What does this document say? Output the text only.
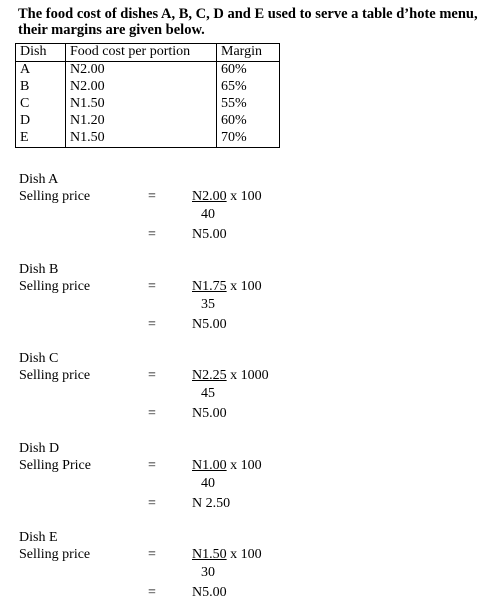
The food cost of dishes A, B, C, D and E used to serve a table d’hote menu, their margins are given below.
Dish	Food cost per portion	Margin
A	N2.00	60%
B	N2.00	65%
C	N1.50	55%
D	N1.20	60%
E	N1.50	70%
Dish A
Selling price	=	N2.00 x 100
40
=	N5.00
Dish B
Selling price	=	N1.75 x 100
35
=	N5.00
Dish C
Selling price	=	N2.25 x 1000
45
=	N5.00
Dish D
Selling Price	=	N1.00 x 100
40
=	N 2.50
Dish E
Selling price	=	N1.50 x 100
30
=	N5.00
